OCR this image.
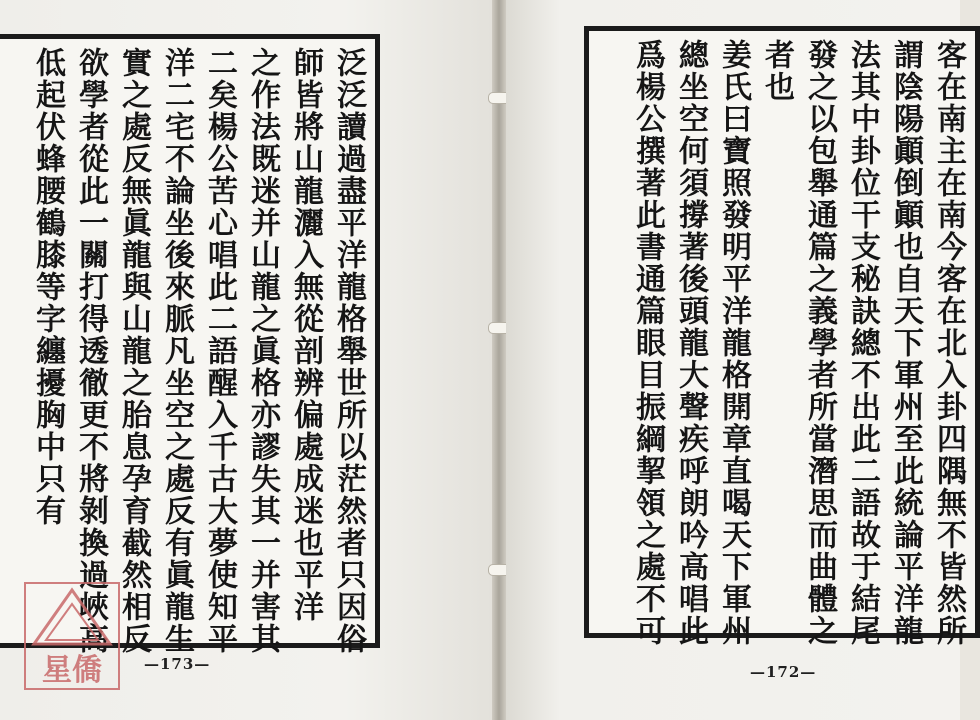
泛泛讀過盡平洋龍格舉世所以茫然者只因俗
師皆將山龍灑入無從剖辨偏處成迷也平洋
之作法既迷并山龍之眞格亦謬失其一并害其
二矣楊公苦心唱此二語醒入千古大夢使知平
洋二宅不論坐後來脈凡坐空之處反有眞龍生
實之處反無眞龍與山龍之胎息孕育截然相反
欲學者從此一關打得透徹更不將剝換過峽高
低起伏蜂腰鶴膝等字纏擾胸中只有
—173—
客在南主在南今客在北入卦四隅無不皆然所
謂陰陽顚倒顚也自天下軍州至此統論平洋龍
法其中卦位干支秘訣總不出此二語故于結尾
發之以包舉通篇之義學者所當潛思而曲體之
者也
姜氏曰寶照發明平洋龍格開章直喝天下軍州
總坐空何須撐著後頭龍大聲疾呼朗吟高唱此
爲楊公撰著此書通篇眼目振綱挈領之處不可
—172—
星僑
